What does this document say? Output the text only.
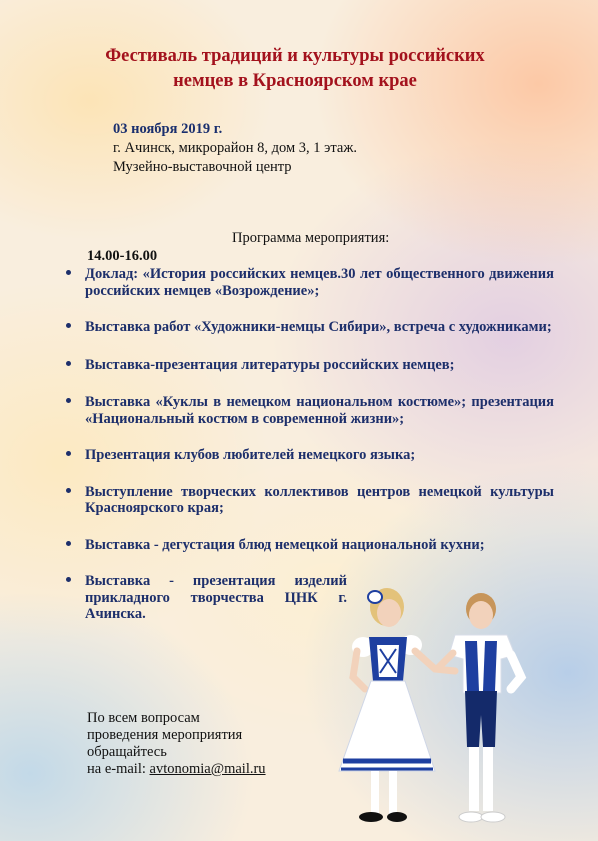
Фестиваль традиций и культуры российских
немцев в Красноярском крае
03 ноября 2019 г.
г. Ачинск, микрорайон 8, дом 3, 1 этаж.
Музейно-выставочной центр
Программа мероприятия:
14.00-16.00
Доклад: «История российских немцев.30 лет общественного движения российских немцев «Возрождение»;
Выставка работ «Художники-немцы Сибири», встреча с художниками;
Выставка-презентация литературы российских немцев;
Выставка «Куклы в немецком национальном костюме»; презентация «Национальный костюм в современной жизни»;
Презентация клубов любителей немецкого языка;
Выступление творческих коллективов центров немецкой культуры Красноярского края;
Выставка - дегустация блюд немецкой национальной кухни;
Выставка - презентация изделий прикладного творчества ЦНК г. Ачинска.
По всем вопросам
проведения мероприятия
обращайтесь
на e-mail: avtonomia@mail.ru
